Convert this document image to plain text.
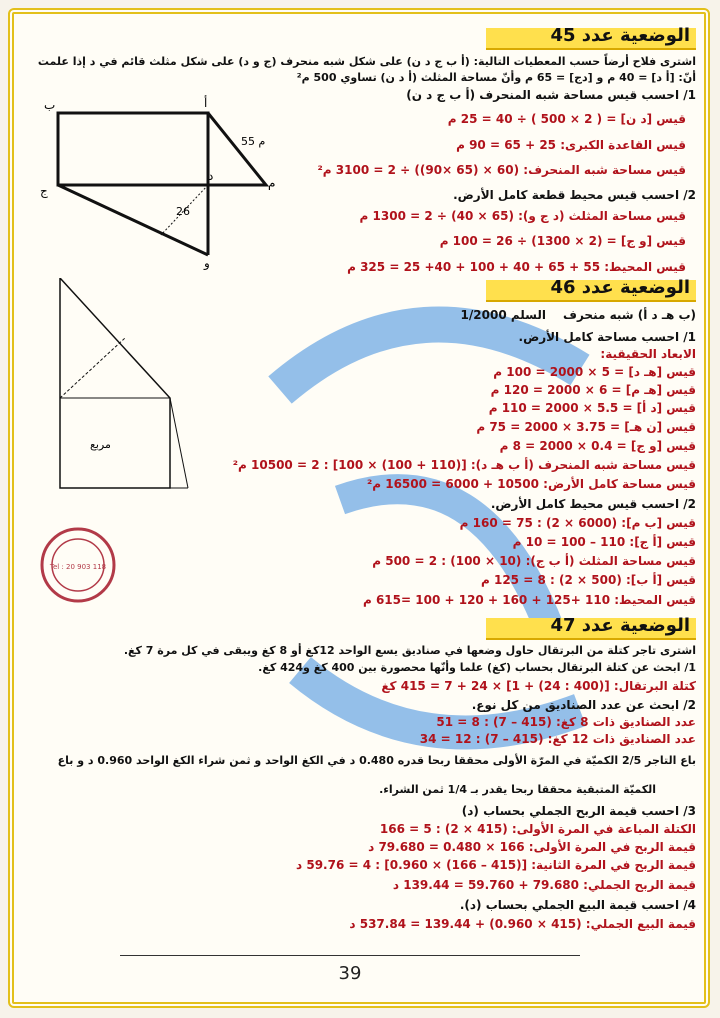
الوضعية عدد 45
اشترى فلاح أرضاً حسب المعطيات التالية: (أ ب ج د ن) على شكل شبه منحرف (ج و د) على شكل مثلث قائم في د إذا علمت
أنّ: [أ د] = 40 م و [دج] = 65 م وأنّ مساحة المثلث (أ د ن) تساوي 500 م²
1/ احسب قيس مساحة شبه المنحرف (أ ب ج د ن)
قيس [د ن] = ( 2 × 500 ) ÷ 40 = 25 م
قيس القاعدة الكبرى: 25 + 65 = 90 م
قيس مساحة شبه المنحرف: (60 × (65 ×90)) ÷ 2 = 3100 م²
2/ احسب قيس محيط قطعة كامل الأرض.
قيس مساحة المثلث (د ج و): (65 × 40) ÷ 2 = 1300 م
قيس [و ج] = (2 × 1300) ÷ 26 = 100 م
قيس المحيط: 55 + 65 + 40 + 100 + 40+ 25 = 325 م
الوضعية عدد 46
السلم 1/2000 (ب هـ د أ) شبه منحرف
1/ احسب مساحة كامل الأرض.
الابعاد الحقيقية:
قيس [هـ د] = 5 × 2000 = 100 م
قيس [هـ م] = 6 × 2000 = 120 م
قيس [د أ] = 5.5 × 2000 = 110 م
قيس [ن هـ] = 3.75 × 2000 = 75 م
قيس [و ج] = 0.4 × 2000 = 8 م
قيس مساحة شبه المنحرف (أ ب هـ د): [(110 + 100) × 100] : 2 = 10500 م²
قيس مساحة كامل الأرض: 10500 + 6000 = 16500 م²
2/ احسب قيس محيط كامل الأرض.
قيس [ب م]: (6000 × 2) : 75 = 160 م
قيس [أ ج]: 110 – 100 = 10 م
قيس مساحة المثلث (أ ب ج): (10 × 100) : 2 = 500 م
قيس [أ ب]: (500 × 2) : 8 = 125 م
قيس المحيط: 110 +125 + 160 + 120 + 100 =615 م
الوضعية عدد 47
اشترى تاجر كتلة من البرتقال حاول وضعها في صناديق يسع الواحد 12كغ أو 8 كغ ويبقى في كل مرة 7 كغ.
1/ ابحث عن كتلة البرتقال بحساب (كغ) علما وأنّها محصورة بين 400 كغ و424 كغ.
كتلة البرتقال: [(400 : 24) + 1] × 24 + 7 = 415 كغ
2/ ابحث عن عدد الصناديق من كل نوع.
عدد الصناديق ذات 8 كغ: (415 – 7) : 8 = 51
عدد الصناديق ذات 12 كغ: (415 – 7) : 12 = 34
باع التاجر 2/5 الكميّة في المرّة الأولى محققا ربحا قدره 0.480 د في الكغ الواحد و ثمن شراء الكغ الواحد 0.960 د و باع
الكميّة المتبقية محققا ربحا يقدر بـ 1/4 ثمن الشراء.
3/ احسب قيمة الربح الجملي بحساب (د)
الكتلة المباعة في المرة الأولى: (415 × 2) : 5 = 166
قيمة الربح في المرة الأولى: 166 × 0.480 = 79.680 د
قيمة الربح في المرة الثانية: [(415 – 166) × 0.960] : 4 = 59.76 د
قيمة الربح الجملي: 79.680 + 59.760 = 139.44 د
4/ احسب قيمة البيع الجملي بحساب (د).
قيمة البيع الجملي: (415 × 0.960) + 139.44 = 537.84 د
ب	أ
ج
د	م
و
55 م
26
مربع
Tel : 20 903 118
39
